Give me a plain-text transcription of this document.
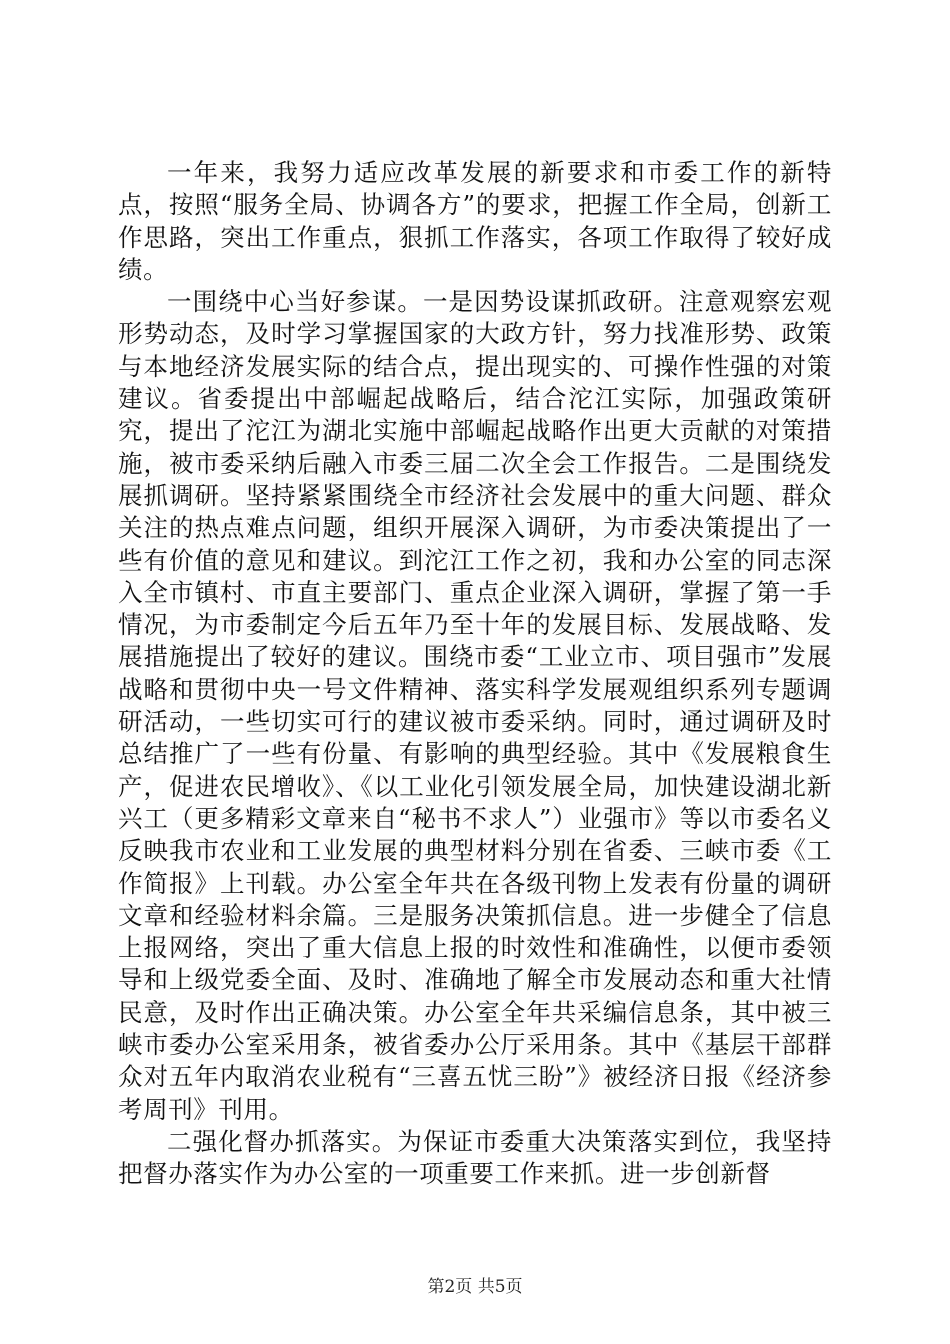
一年来，我努力适应改革发展的新要求和市委工作的新特点，按照“服务全局、协调各方”的要求，把握工作全局，创新工作思路，突出工作重点，狠抓工作落实，各项工作取得了较好成绩。

一围绕中心当好参谋。一是因势设谋抓政研。注意观察宏观形势动态，及时学习掌握国家的大政方针，努力找准形势、政策与本地经济发展实际的结合点，提出现实的、可操作性强的对策建议。省委提出中部崛起战略后，结合沱江实际，加强政策研究，提出了沱江为湖北实施中部崛起战略作出更大贡献的对策措施，被市委采纳后融入市委三届二次全会工作报告。二是围绕发展抓调研。坚持紧紧围绕全市经济社会发展中的重大问题、群众关注的热点难点问题，组织开展深入调研，为市委决策提出了一些有价值的意见和建议。到沱江工作之初，我和办公室的同志深入全市镇村、市直主要部门、重点企业深入调研，掌握了第一手情况，为市委制定今后五年乃至十年的发展目标、发展战略、发展措施提出了较好的建议。围绕市委“工业立市、项目强市”发展战略和贯彻中央一号文件精神、落实科学发展观组织系列专题调研活动，一些切实可行的建议被市委采纳。同时，通过调研及时总结推广了一些有份量、有影响的典型经验。其中《发展粮食生产，促进农民增收》、《以工业化引领发展全局，加快建设湖北新兴工（更多精彩文章来自“秘书不求人”）业强市》等以市委名义反映我市农业和工业发展的典型材料分别在省委、三峡市委《工作简报》上刊载。办公室全年共在各级刊物上发表有份量的调研文章和经验材料余篇。三是服务决策抓信息。进一步健全了信息上报网络，突出了重大信息上报的时效性和准确性，以便市委领导和上级党委全面、及时、准确地了解全市发展动态和重大社情民意，及时作出正确决策。办公室全年共采编信息条，其中被三峡市委办公室采用条，被省委办公厅采用条。其中《基层干部群众对五年内取消农业税有“三喜五忧三盼”》被经济日报《经济参考周刊》刊用。

二强化督办抓落实。为保证市委重大决策落实到位，我坚持把督办落实作为办公室的一项重要工作来抓。进一步创新督

第2页 共5页
